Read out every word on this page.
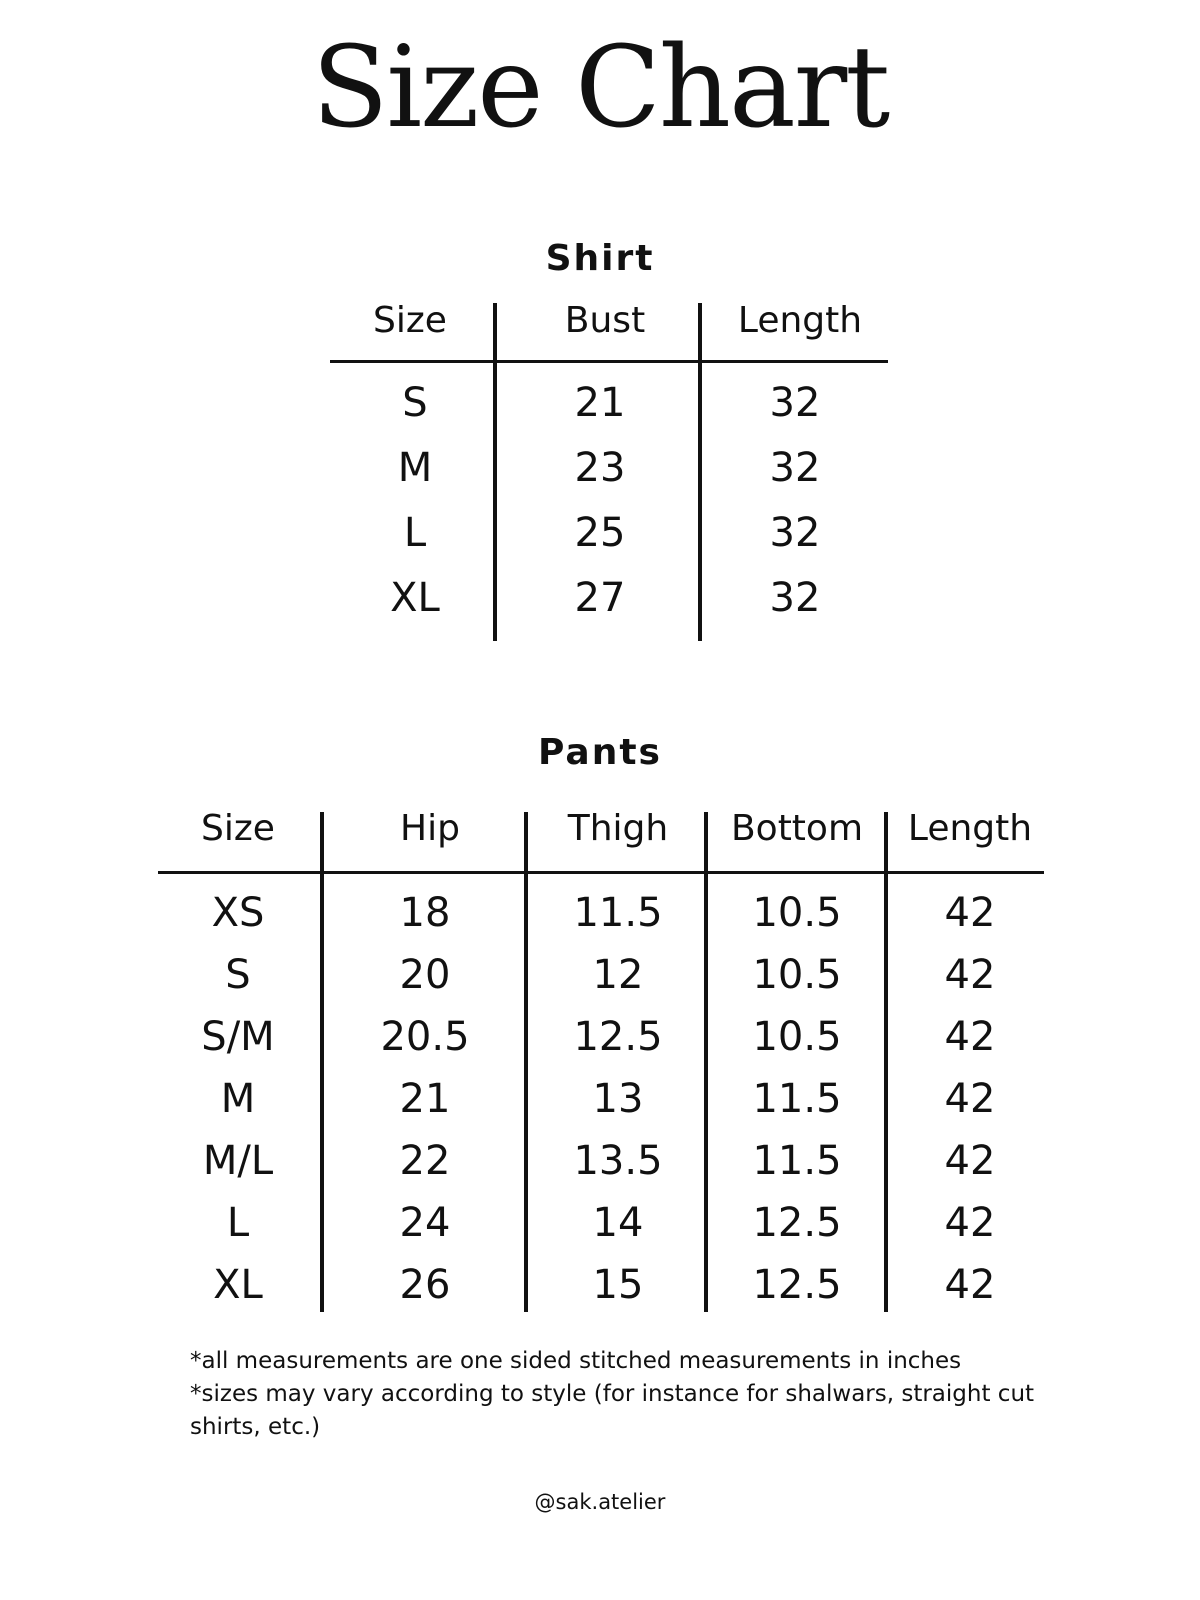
Size Chart
Shirt
Size	Bust	Length
S	21	32
M	23	32
L	25	32
XL	27	32
Pants
Size	Hip	Thigh	Bottom	Length
XS	18	11.5	10.5	42
S	20	12	10.5	42
S/M	20.5	12.5	10.5	42
M	21	13	11.5	42
M/L	22	13.5	11.5	42
L	24	14	12.5	42
XL	26	15	12.5	42
*all measurements are one sided stitched measurements in inches
*sizes may vary according to style (for instance for shalwars, straight cut shirts, etc.)
@sak.atelier
